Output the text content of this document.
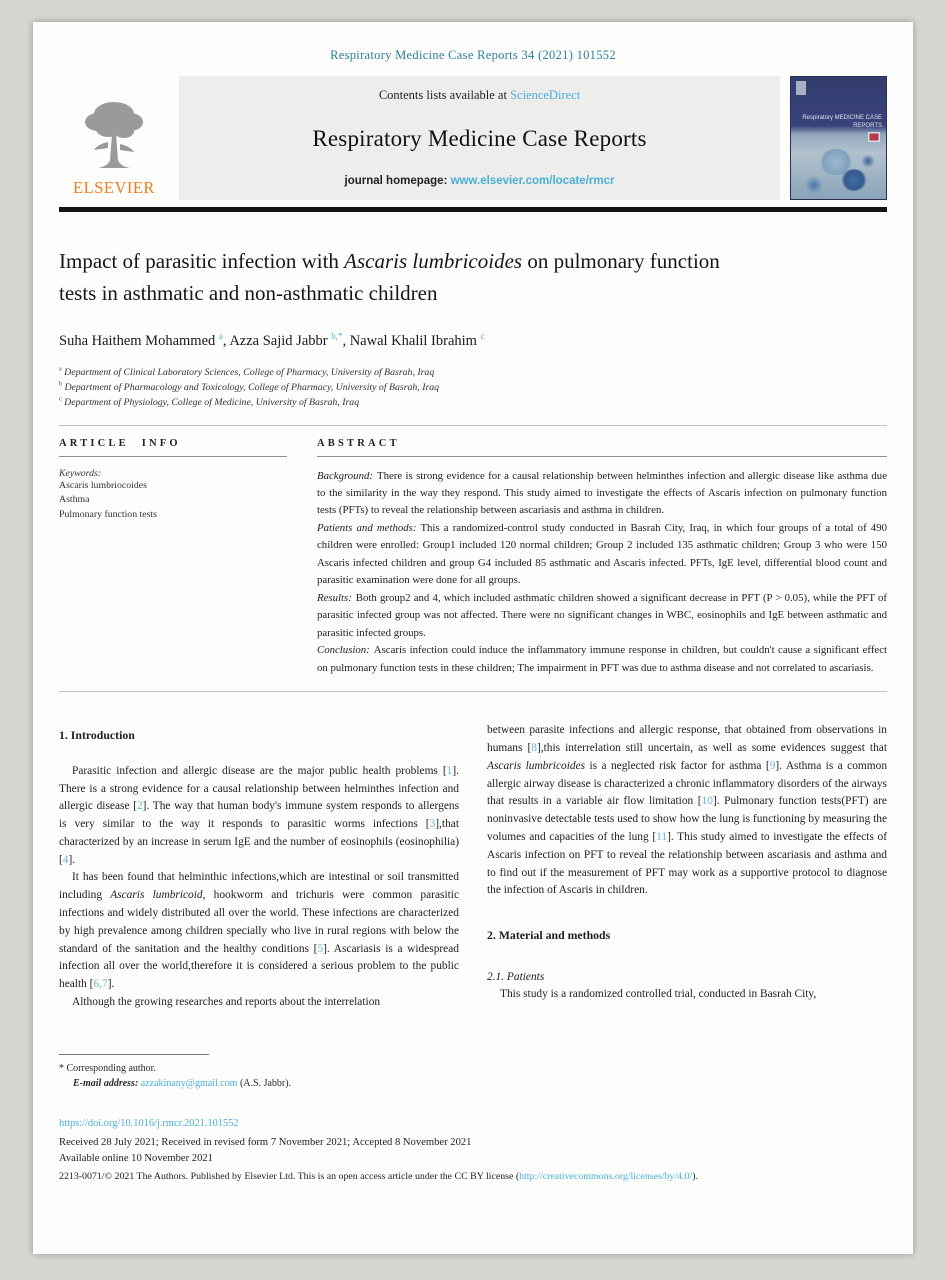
Respiratory Medicine Case Reports 34 (2021) 101552

ELSEVIER
Contents lists available at ScienceDirect
Respiratory Medicine Case Reports
journal homepage: www.elsevier.com/locate/rmcr
Respiratory MEDICINE CASE REPORTS
Impact of parasitic infection with Ascaris lumbricoides on pulmonary function tests in asthmatic and non-asthmatic children
Suha Haithem Mohammed $^a$, Azza Sajid Jabbr $^{b,*}$, Nawal Khalil Ibrahim $^c$
$^a$ Department of Clinical Laboratory Sciences, College of Pharmacy, University of Basrah, Iraq
$^b$ Department of Pharmacology and Toxicology, College of Pharmacy, University of Basrah, Iraq
$^c$ Department of Physiology, College of Medicine, University of Basrah, Iraq
ARTICLE INFO
Keywords:
Ascaris lumbriocoides
Asthma
Pulmonary function tests
ABSTRACT

Background: There is strong evidence for a causal relationship between helminthes infection and allergic disease like asthma due to the similarity in the way they respond. This study aimed to investigate the effects of Ascaris infection on pulmonary function tests (PFTs) to reveal the relationship between ascariasis and asthma in children.

Patients and methods: This a randomized-control study conducted in Basrah City, Iraq, in which four groups of a total of 490 children were enrolled: Group1 included 120 normal children; Group 2 included 135 asthmatic children; Group 3 who were 150 Ascaris infected children and group G4 included 85 asthmatic and Ascaris infected. PFTs, IgE level, differential blood count and parasitic examination were done for all groups.

Results: Both group2 and 4, which included asthmatic children showed a significant decrease in PFT (P > 0.05), while the PFT of parasitic infected group was not affected. There were no significant changes in WBC, eosinophils and IgE between asthmatic and parasitic infected groups.

Conclusion: Ascaris infection could induce the inflammatory immune response in children, but couldn't cause a significant effect on pulmonary function tests in these children; The impairment in PFT was due to asthma disease and not correlated to ascariasis.

1. Introduction

Parasitic infection and allergic disease are the major public health problems [1]. There is a strong evidence for a causal relationship between helminthes infection and allergic disease [2]. The way that human body's immune system responds to allergens is very similar to the way it responds to parasitic worms infections [3],that characterized by an increase in serum IgE and the number of eosinophils (eosinophilia) [4].

It has been found that helminthic infections,which are intestinal or soil transmitted including Ascaris lumbricoid, hookworm and trichuris were common parasitic infections and widely distributed all over the world. These infections are characterized by high prevalence among children specially who live in rural regions with below the standard of the sanitation and the healthy conditions [5]. Ascariasis is a widespread infection all over the world,therefore it is considered a serious problem to the public health [6,7].

Although the growing researches and reports about the interrelation

between parasite infections and allergic response, that obtained from observations in humans [8],this interrelation still uncertain, as well as some evidences suggest that Ascaris lumbricoides is a neglected risk factor for asthma [9]. Asthma is a common allergic airway disease is characterized a chronic inflammatory disorders of the airways that results in a variable air flow limitation [10]. Pulmonary function tests(PFT) are noninvasive detectable tests used to show how the lung is functioning by measuring the volumes and capacities of the lung [11]. This study aimed to investigate the effects of Ascaris infection on PFT to reveal the relationship between ascariasis and asthma and to find out if the measurement of PFT may work as a supportive protocol to diagnose the infection of Ascaris in children.

2. Material and methods
2.1. Patients

This study is a randomized controlled trial, conducted in Basrah City,

* Corresponding author.
E-mail address: azzakinany@gmail.com (A.S. Jabbr).
https://doi.org/10.1016/j.rmcr.2021.101552
Received 28 July 2021; Received in revised form 7 November 2021; Accepted 8 November 2021
Available online 10 November 2021
2213-0071/© 2021 The Authors. Published by Elsevier Ltd. This is an open access article under the CC BY license (http://creativecommons.org/licenses/by/4.0/).
